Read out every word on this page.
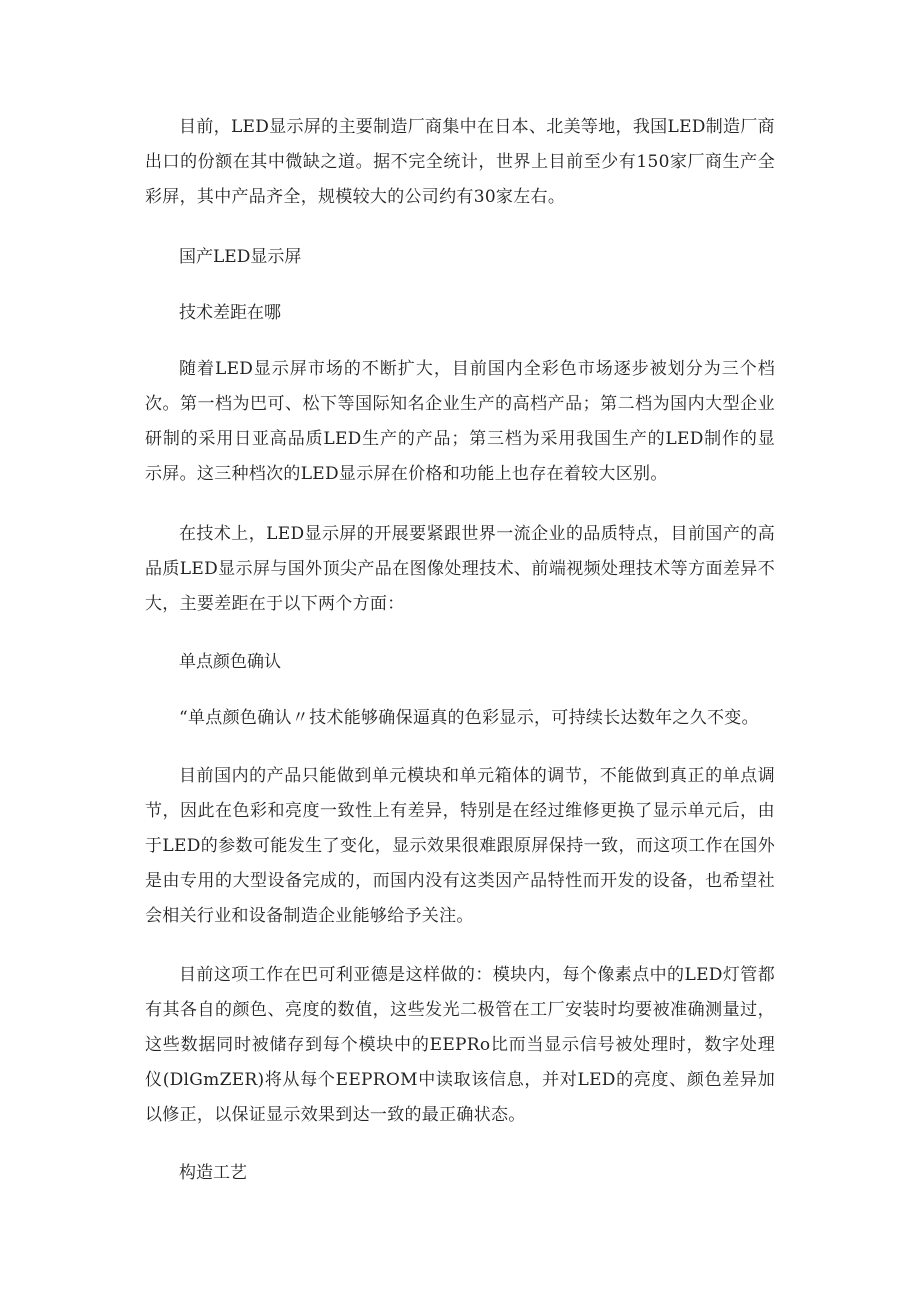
目前，LED显示屏的主要制造厂商集中在日本、北美等地，我国LED制造厂商出口的份额在其中微缺之道。据不完全统计，世界上目前至少有150家厂商生产全彩屏，其中产品齐全，规模较大的公司约有30家左右。

国产LED显示屏

技术差距在哪

随着LED显示屏市场的不断扩大，目前国内全彩色市场逐步被划分为三个档次。第一档为巴可、松下等国际知名企业生产的高档产品；第二档为国内大型企业研制的采用日亚高品质LED生产的产品；第三档为采用我国生产的LED制作的显示屏。这三种档次的LED显示屏在价格和功能上也存在着较大区别。

在技术上，LED显示屏的开展要紧跟世界一流企业的品质特点，目前国产的高品质LED显示屏与国外顶尖产品在图像处理技术、前端视频处理技术等方面差异不大，主要差距在于以下两个方面：

单点颜色确认

“单点颜色确认〃技术能够确保逼真的色彩显示，可持续长达数年之久不变。

目前国内的产品只能做到单元模块和单元箱体的调节，不能做到真正的单点调节，因此在色彩和亮度一致性上有差异，特别是在经过维修更换了显示单元后，由于LED的参数可能发生了变化，显示效果很难跟原屏保持一致，而这项工作在国外是由专用的大型设备完成的，而国内没有这类因产品特性而开发的设备，也希望社会相关行业和设备制造企业能够给予关注。

目前这项工作在巴可利亚德是这样做的：模块内，每个像素点中的LED灯管都有其各自的颜色、亮度的数值，这些发光二极管在工厂安装时均要被准确测量过，这些数据同时被储存到每个模块中的EEPRo比而当显示信号被处理时，数字处理仪(DlGmZER)将从每个EEPROM中读取该信息，并对LED的亮度、颜色差异加以修正，以保证显示效果到达一致的最正确状态。

构造工艺
